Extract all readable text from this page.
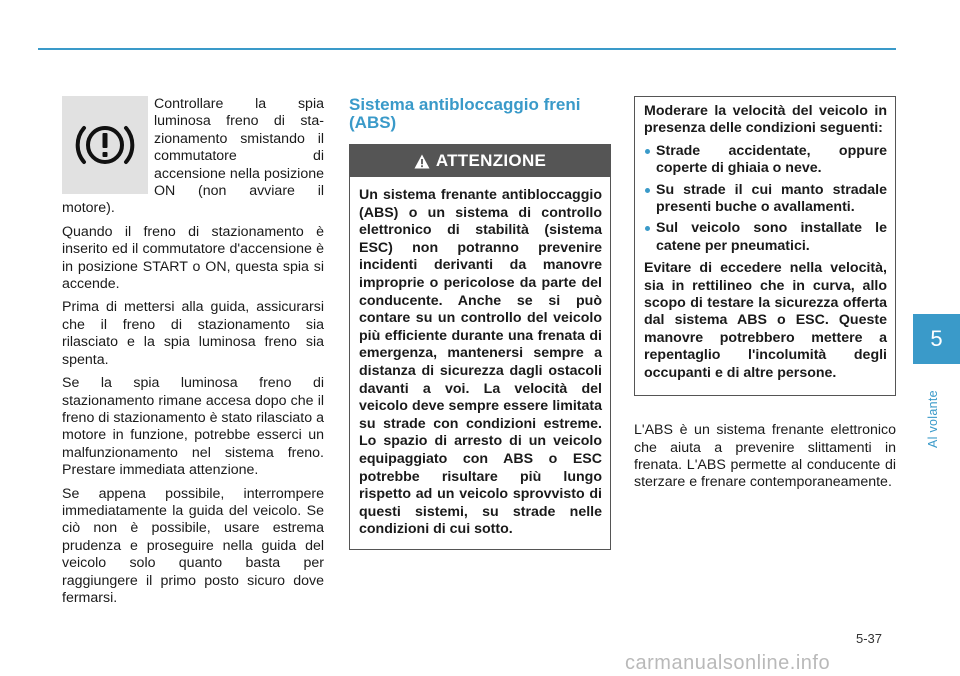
Controllare la spia luminosa freno di stazionamento smistando il commutatore di accensione nella posizione ON (non avviare il motore).

Quando il freno di stazionamento è inserito ed il commutatore d'accensione è in posizione START o ON, questa spia si accende.

Prima di mettersi alla guida, assicurarsi che il freno di stazionamento sia rilasciato e la spia luminosa freno sia spenta.

Se la spia luminosa freno di stazionamento rimane accesa dopo che il freno di stazionamento è stato rilasciato a motore in funzione, potrebbe esserci un malfunzionamento nel sistema freno. Prestare immediata attenzione.

Se appena possibile, interrompere immediatamente la guida del veicolo. Se ciò non è possibile, usare estrema prudenza e proseguire nella guida del veicolo solo quanto basta per raggiungere il primo posto sicuro dove fermarsi.

Sistema antibloccaggio freni (ABS)
ATTENZIONE
Un sistema frenante antibloccaggio (ABS) o un sistema di controllo elettronico di stabilità (sistema ESC) non potranno prevenire incidenti derivanti da manovre improprie o pericolose da parte del conducente. Anche se si può contare su un controllo del veicolo più efficiente durante una frenata di emergenza, mantenersi sempre a distanza di sicurezza dagli ostacoli davanti a voi. La velocità del veicolo deve sempre essere limitata su strade con condizioni estreme. Lo spazio di arresto di un veicolo equipaggiato con ABS o ESC potrebbe risultare più lungo rispetto ad un veicolo sprovvisto di questi sistemi, su strade nelle condizioni di cui sotto.

Moderare la velocità del veicolo in presenza delle condizioni seguenti:

Strade accidentate, oppure coperte di ghiaia o neve.
Su strade il cui manto stradale presenti buche o avallamenti.
Sul veicolo sono installate le catene per pneumatici.

Evitare di eccedere nella velocità, sia in rettilineo che in curva, allo scopo di testare la sicurezza offerta dal sistema ABS o ESC. Queste manovre potrebbero mettere a repentaglio l'incolumità degli occupanti e di altre persone.

L'ABS è un sistema frenante elettronico che aiuta a prevenire slittamenti in frenata. L'ABS permette al conducente di sterzare e frenare contemporaneamente.
5
Al volante
5-37
carmanualsonline.info
